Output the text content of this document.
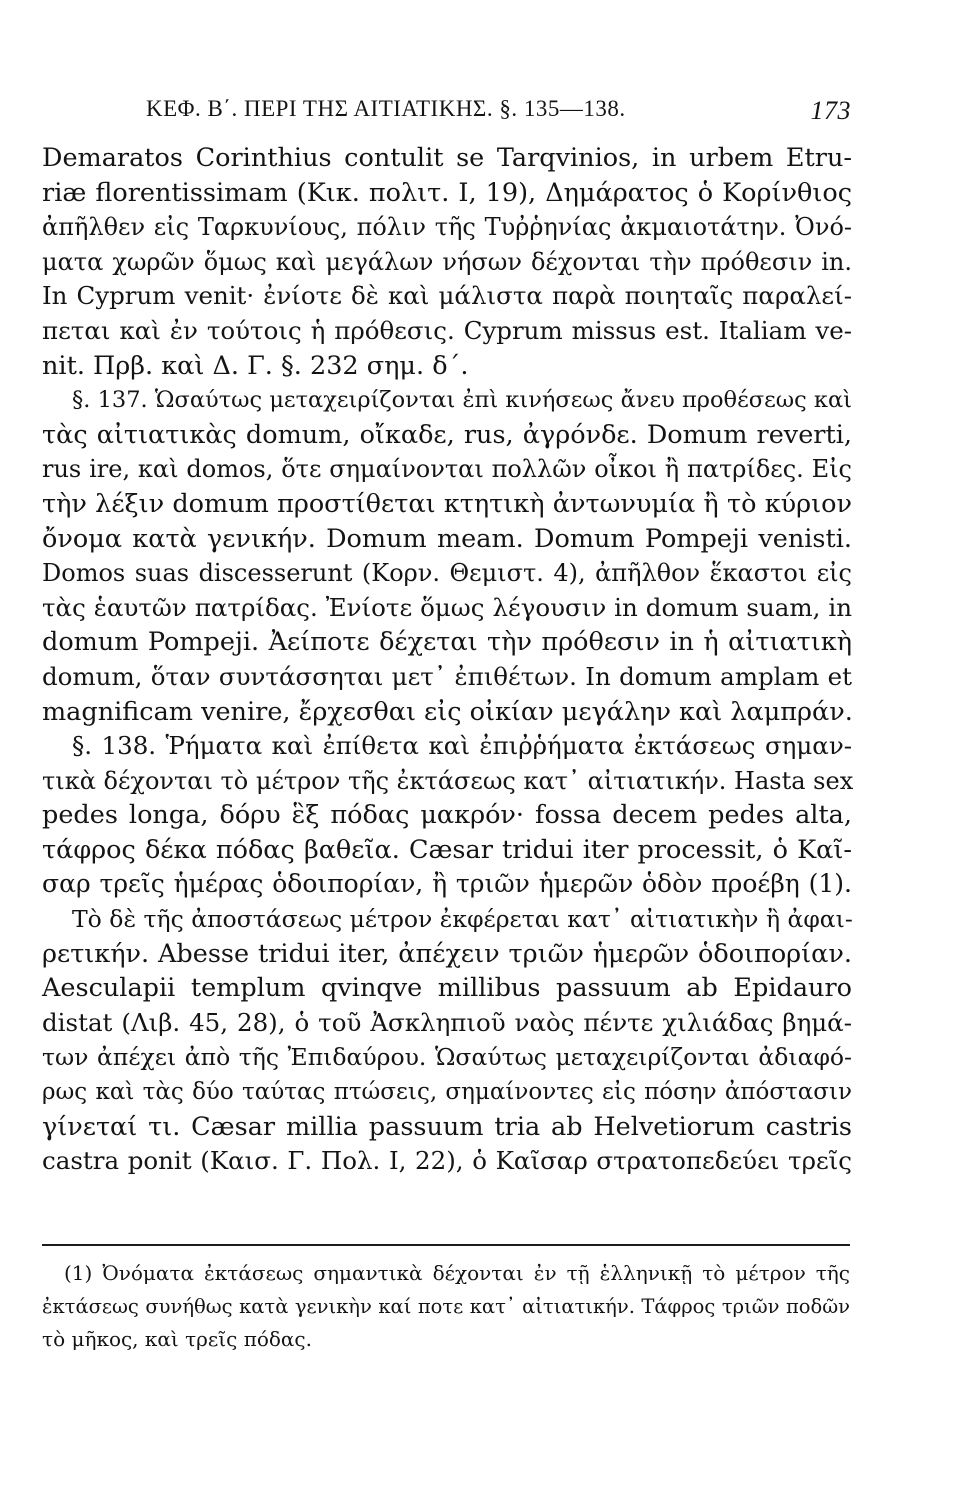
ΚΕΦ. Β΄. ΠΕΡΙ ΤΗΣ ΑΙΤΙΑΤΙΚΗΣ. §. 135—138.	173
Demaratos Corinthius contulit se Tarqvinios, in urbem Etru-
riæ florentissimam (Κικ. πολιτ. I, 19), Δημάρατος ὁ Κορίνθιος
ἀπῆλθεν εἰς Ταρκυνίους, πόλιν τῆς Τυῤῥηνίας ἀκμαιοτάτην. Ὀνό-
ματα χωρῶν ὅμως καὶ μεγάλων νήσων δέχονται τὴν πρόθεσιν in.
In Cyprum venit· ἐνίοτε δὲ καὶ μάλιστα παρὰ ποιηταῖς παραλεί-
πεται καὶ ἐν τούτοις ἡ πρόθεσις. Cyprum missus est. Italiam ve-
nit. Πρβ. καὶ Δ. Γ. §. 232 σημ. δ΄.
§. 137. Ὡσαύτως μεταχειρίζονται ἐπὶ κινήσεως ἄνευ προθέσεως καὶ
τὰς αἰτιατικὰς domum, οἴκαδε, rus, ἀγρόνδε. Domum reverti,
rus ire, καὶ domos, ὅτε σημαίνονται πολλῶν οἶκοι ἢ πατρίδες. Εἰς
τὴν λέξιν domum προστίθεται κτητικὴ ἀντωνυμία ἢ τὸ κύριον
ὄνομα κατὰ γενικήν. Domum meam. Domum Pompeji venisti.
Domos suas discesserunt (Κορν. Θεμιστ. 4), ἀπῆλθον ἕκαστοι εἰς
τὰς ἑαυτῶν πατρίδας. Ἐνίοτε ὅμως λέγουσιν in domum suam, in
domum Pompeji. Ἀείποτε δέχεται τὴν πρόθεσιν in ἡ αἰτιατικὴ
domum, ὅταν συντάσσηται μετ᾽ ἐπιθέτων. In domum amplam et
magnificam venire, ἔρχεσθαι εἰς οἰκίαν μεγάλην καὶ λαμπράν.
§. 138. Ῥήματα καὶ ἐπίθετα καὶ ἐπιῤῥήματα ἐκτάσεως σημαν-
τικὰ δέχονται τὸ μέτρον τῆς ἐκτάσεως κατ᾽ αἰτιατικήν. Hasta sex
pedes longa, δόρυ ἓξ πόδας μακρόν· fossa decem pedes alta,
τάφρος δέκα πόδας βαθεῖα. Cæsar tridui iter processit, ὁ Καῖ-
σαρ τρεῖς ἡμέρας ὁδοιπορίαν, ἢ τριῶν ἡμερῶν ὁδὸν προέβη (1).
Τὸ δὲ τῆς ἀποστάσεως μέτρον ἐκφέρεται κατ᾽ αἰτιατικὴν ἢ ἀφαι-
ρετικήν. Abesse tridui iter, ἀπέχειν τριῶν ἡμερῶν ὁδοιπορίαν.
Aesculapii templum qvinqve millibus passuum ab Epidauro
distat (Λιβ. 45, 28), ὁ τοῦ Ἀσκληπιοῦ ναὸς πέντε χιλιάδας βημά-
των ἀπέχει ἀπὸ τῆς Ἐπιδαύρου. Ὡσαύτως μεταχειρίζονται ἀδιαφό-
ρως καὶ τὰς δύο ταύτας πτώσεις, σημαίνοντες εἰς πόσην ἀπόστασιν
γίνεταί τι. Cæsar millia passuum tria ab Helvetiorum castris
castra ponit (Καισ. Γ. Πολ. I, 22), ὁ Καῖσαρ στρατοπεδεύει τρεῖς
(1) Ὀνόματα ἐκτάσεως σημαντικὰ δέχονται ἐν τῇ ἑλληνικῇ τὸ μέτρον τῆς
ἐκτάσεως συνήθως κατὰ γενικὴν καί ποτε κατ᾽ αἰτιατικήν. Τάφρος τριῶν ποδῶν
τὸ μῆκος, καὶ τρεῖς πόδας.
